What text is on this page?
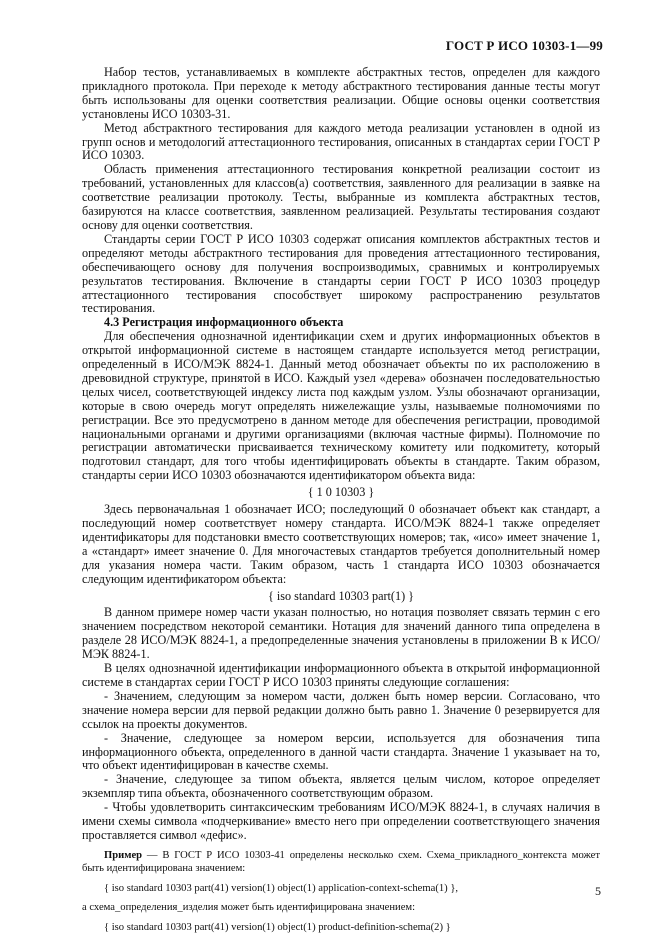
ГОСТ Р ИСО 10303-1—99

Набор тестов, устанавливаемых в комплекте абстрактных тестов, определен для каждого прикладного протокола. При переходе к методу абстрактного тестирования данные тесты могут быть использованы для оценки соответствия реализации. Общие основы оценки соответствия установлены ИСО 10303-31.

Метод абстрактного тестирования для каждого метода реализации установлен в одной из групп основ и методологий аттестационного тестирования, описанных в стандартах серии ГОСТ Р ИСО 10303.

Область применения аттестационного тестирования конкретной реализации состоит из требований, установленных для классов(а) соответствия, заявленного для реализации в заявке на соответствие реализации протоколу. Тесты, выбранные из комплекта абстрактных тестов, базируются на классе соответствия, заявленном реализацией. Результаты тестирования создают основу для оценки соответствия.

Стандарты серии ГОСТ Р ИСО 10303 содержат описания комплектов абстрактных тестов и определяют методы абстрактного тестирования для проведения аттестационного тестирования, обеспечивающего основу для получения воспроизводимых, сравнимых и контролируемых результатов тестирования. Включение в стандарты серии ГОСТ Р ИСО 10303 процедур аттестационного тестирования способствует широкому распространению результатов тестирования.

4.3 Регистрация информационного объекта

Для обеспечения однозначной идентификации схем и других информационных объектов в открытой информационной системе в настоящем стандарте используется метод регистрации, определенный в ИСО/МЭК 8824-1. Данный метод обозначает объекты по их расположению в древовидной структуре, принятой в ИСО. Каждый узел «дерева» обозначен последовательностью целых чисел, соответствующей индексу листа под каждым узлом. Узлы обозначают организации, которые в свою очередь могут определять нижележащие узлы, называемые полномочиями по регистрации. Все это предусмотрено в данном методе для обеспечения регистрации, проводимой национальными органами и другими организациями (включая частные фирмы). Полномочие по регистрации автоматически присваивается техническому комитету или подкомитету, который подготовил стандарт, для того чтобы идентифицировать объекты в стандарте. Таким образом, стандарты серии ИСО 10303 обозначаются идентификатором объекта вида:

{ 1 0 10303 }

Здесь первоначальная 1 обозначает ИСО; последующий 0 обозначает объект как стандарт, а последующий номер соответствует номеру стандарта. ИСО/МЭК 8824-1 также определяет идентификаторы для подстановки вместо соответствующих номеров; так, «исо» имеет значение 1, а «стандарт» имеет значение 0. Для многочастевых стандартов требуется дополнительный номер для указания номера части. Таким образом, часть 1 стандарта ИСО 10303 обозначается следующим идентификатором объекта:

{ iso standard 10303 part(1) }

В данном примере номер части указан полностью, но нотация позволяет связать термин с его значением посредством некоторой семантики. Нотация для значений данного типа определена в разделе 28 ИСО/МЭК 8824-1, а предопределенные значения установлены в приложении В к ИСО/МЭК 8824-1.

В целях однозначной идентификации информационного объекта в открытой информационной системе в стандартах серии ГОСТ Р ИСО 10303 приняты следующие соглашения:

- Значением, следующим за номером части, должен быть номер версии. Согласовано, что значение номера версии для первой редакции должно быть равно 1. Значение 0 резервируется для ссылок на проекты документов.

- Значение, следующее за номером версии, используется для обозначения типа информационного объекта, определенного в данной части стандарта. Значение 1 указывает на то, что объект идентифицирован в качестве схемы.

- Значение, следующее за типом объекта, является целым числом, которое определяет экземпляр типа объекта, обозначенного соответствующим образом.

- Чтобы удовлетворить синтаксическим требованиям ИСО/МЭК 8824-1, в случаях наличия в имени схемы символа «подчеркивание» вместо него при определении соответствующего значения проставляется символ «дефис».

Пример — В ГОСТ Р ИСО 10303-41 определены несколько схем. Схема_прикладного_контекста может быть идентифицирована значением:

{ iso standard 10303 part(41) version(1) object(1) application-context-schema(1) },

а схема_определения_изделия может быть идентифицирована значением:

{ iso standard 10303 part(41) version(1) object(1) product-definition-schema(2) }

5
